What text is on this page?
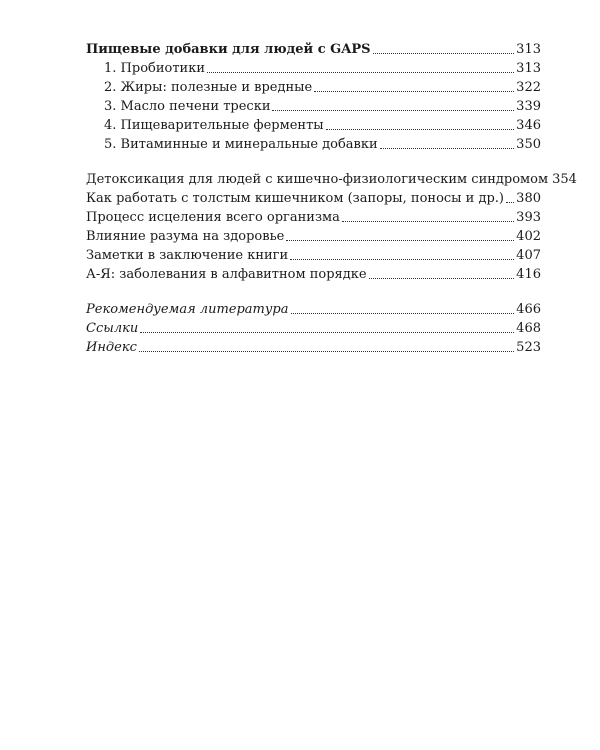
Пищевые добавки для людей с GAPS	313
1. Пробиотики	313
2. Жиры: полезные и вредные	322
3. Масло печени трески	339
4. Пищеварительные ферменты	346
5. Витаминные и минеральные добавки	350
Детоксикация для людей с кишечно-физиологическим синдромом 354
Как работать с толстым кишечником (запоры, поносы и др.) 380
Процесс исцеления всего организма	393
Влияние разума на здоровье	402
Заметки в заключение книги	407
А-Я: заболевания в алфавитном порядке	416
Рекомендуемая литература	466
Ссылки	468
Индекс	523
